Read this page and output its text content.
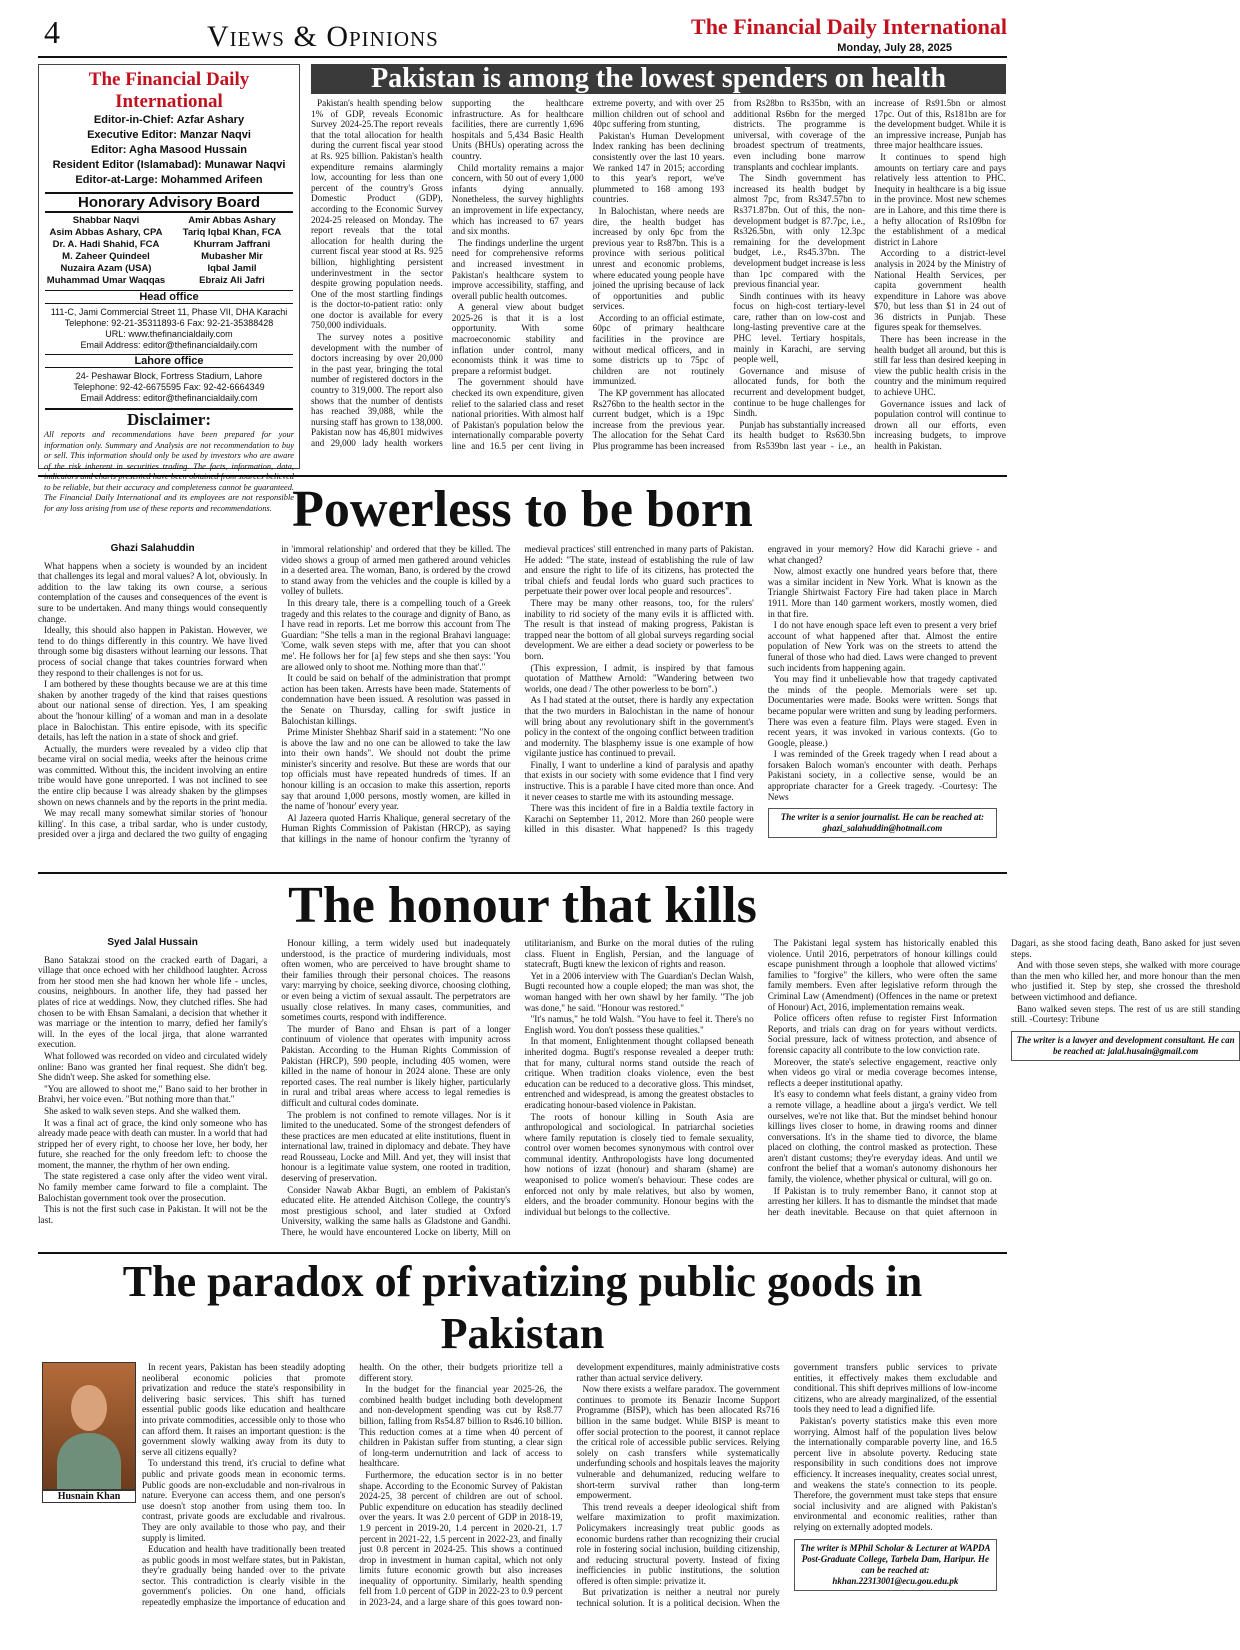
4	Views & Opinions	The Financial Daily International
Monday, July 28, 2025
The Financial Daily International
Editor-in-Chief: Azfar Ashary
Executive Editor: Manzar Naqvi
Editor: Agha Masood Hussain
Resident Editor (Islamabad): Munawar Naqvi
Editor-at-Large: Mohammed Arifeen
Honorary Advisory Board
Shabbar Naqvi
Asim Abbas Ashary, CPA
Dr. A. Hadi Shahid, FCA
M. Zaheer Quindeel
Nuzaira Azam (USA)
Muhammad Umar Waqqas
Amir Abbas Ashary
Tariq Iqbal Khan, FCA
Khurram Jaffrani
Mubasher Mir
Iqbal Jamil
Ebraiz Ali Jafri
Head office
111-C, Jami Commercial Street 11, Phase VII, DHA Karachi
Telephone: 92-21-35311893-6 Fax: 92-21-35388428
URL: www.thefinancialdaily.com
Email Address: editor@thefinancialdaily.com
Lahore office
24- Peshawar Block, Fortress Stadium, Lahore
Telephone: 92-42-6675595 Fax: 92-42-6664349
Email Address: editor@thefinancialdaily.com
Disclaimer:
All reports and recommendations have been prepared for your information only. Summary and Analysis are not recommendation to buy or sell. This information should only be used by investors who are aware of the risk inherent in securities trading. The facts, information, data, to be reliable, but their accuracy and completeness cannot be guaranteed. The Financial Daily International and its employees are not responsible for any loss arising from use of these reports and recommendations.
Pakistan is among the lowest spenders on health

Pakistan's health spending below 1% of GDP, reveals Economic Survey 2024-25.The report reveals that the total allocation for health during the current fiscal year stood at Rs. 925 billion. Pakistan's health expenditure remains alarmingly low, accounting for less than one percent of the country's Gross Domestic Product (GDP), according to the Economic Survey 2024-25 released on Monday. The report reveals that the total allocation for health during the current fiscal year stood at Rs. 925 billion, highlighting persistent underinvestment in the sector despite growing population needs. One of the most startling findings is the doctor-to-patient ratio: only one doctor is available for every 750,000 individuals.

The survey notes a positive development with the number of doctors increasing by over 20,000 in the past year, bringing the total number of registered doctors in the country to 319,000. The report also shows that the number of dentists has reached 39,088, while the nursing staff has grown to 138,000. Pakistan now has 46,801 midwives and 29,000 lady health workers supporting the healthcare infrastructure. As for healthcare facilities, there are currently 1,696 hospitals and 5,434 Basic Health Units (BHUs) operating across the country.

Child mortality remains a major concern, with 50 out of every 1,000 infants dying annually. Nonetheless, the survey highlights an improvement in life expectancy, which has increased to 67 years and six months.

The findings underline the urgent need for comprehensive reforms and increased investment in Pakistan's healthcare system to improve accessibility, staffing, and overall public health outcomes.

A general view about budget 2025-26 is that it is a lost opportunity. With some macroeconomic stability and inflation under control, many economists think it was time to prepare a reformist budget.

The government should have checked its own expenditure, given relief to the salaried class and reset national priorities. With almost half of Pakistan's population below the internationally comparable poverty line and 16.5 per cent living in extreme poverty, and with over 25 million children out of school and 40pc suffering from stunting,

Pakistan's Human Development Index ranking has been declining consistently over the last 10 years. We ranked 147 in 2015; according to this year's report, we've plummeted to 168 among 193 countries.

In Balochistan, where needs are dire, the health budget has increased by only 6pc from the previous year to Rs87bn. This is a province with serious political unrest and economic problems, where educated young people have joined the uprising because of lack of opportunities and public services.

According to an official estimate, 60pc of primary healthcare facilities in the province are without medical officers, and in some districts up to 75pc of children are not routinely immunized.

The KP government has allocated Rs276bn to the health sector in the current budget, which is a 19pc increase from the previous year. The allocation for the Sehat Card Plus programme has been increased from Rs28bn to Rs35bn, with an additional Rs6bn for the merged districts. The programme is universal, with coverage of the broadest spectrum of treatments, even including bone marrow transplants and cochlear implants.

The Sindh government has increased its health budget by almost 7pc, from Rs347.57bn to Rs371.87bn. Out of this, the non-development budget is 87.7pc, i.e., Rs326.5bn, with only 12.3pc remaining for the development budget, i.e., Rs45.37bn. The development budget increase is less than 1pc compared with the previous financial year.

Sindh continues with its heavy focus on high-cost tertiary-level care, rather than on low-cost and long-lasting preventive care at the PHC level. Tertiary hospitals, mainly in Karachi, are serving people well,

Governance and misuse of allocated funds, for both the recurrent and development budget, continue to be huge challenges for Sindh.

Punjab has substantially increased its health budget to Rs630.5bn from Rs539bn last year - i.e., an increase of Rs91.5bn or almost 17pc. Out of this, Rs181bn are for the development budget. While it is an impressive increase, Punjab has three major healthcare issues.

It continues to spend high amounts on tertiary care and pays relatively less attention to PHC. Inequity in healthcare is a big issue in the province. Most new schemes are in Lahore, and this time there is a hefty allocation of Rs109bn for the establishment of a medical district in Lahore

According to a district-level analysis in 2024 by the Ministry of National Health Services, per capita government health expenditure in Lahore was above $70, but less than $1 in 24 out of 36 districts in Punjab. These figures speak for themselves.

There has been increase in the health budget all around, but this is still far less than desired keeping in view the public health crisis in the country and the minimum required to achieve UHC.

Governance issues and lack of population control will continue to drown all our efforts, even increasing budgets, to improve health in Pakistan.

Powerless to be born
Ghazi Salahuddin

What happens when a society is wounded by an incident that challenges its legal and moral values? A lot, obviously. In addition to the law taking its own course, a serious contemplation of the causes and consequences of the event is sure to be undertaken. And many things would consequently change.

Ideally, this should also happen in Pakistan. However, we tend to do things differently in this country. We have lived through some big disasters without learning our lessons. That process of social change that takes countries forward when they respond to their challenges is not for us.

I am bothered by these thoughts because we are at this time shaken by another tragedy of the kind that raises questions about our national sense of direction. Yes, I am speaking about the 'honour killing' of a woman and man in a desolate place in Balochistan. This entire episode, with its specific details, has left the nation in a state of shock and grief.

Actually, the murders were revealed by a video clip that became viral on social media, weeks after the heinous crime was committed. Without this, the incident involving an entire tribe would have gone unreported. I was not inclined to see the entire clip because I was already shaken by the glimpses shown on news channels and by the reports in the print media.

We may recall many somewhat similar stories of 'honour killing'. In this case, a tribal sardar, who is under custody, presided over a jirga and declared the two guilty of engaging in 'immoral relationship' and ordered that they be killed. The video shows a group of armed men gathered around vehicles in a deserted area. The woman, Bano, is ordered by the crowd to stand away from the vehicles and the couple is killed by a volley of bullets.

In this dreary tale, there is a compelling touch of a Greek tragedy and this relates to the courage and dignity of Bano, as I have read in reports. Let me borrow this account from The Guardian: "She tells a man in the regional Brahavi language: 'Come, walk seven steps with me, after that you can shoot me'. He follows her for [a] few steps and she then says: 'You are allowed only to shoot me. Nothing more than that'."

It could be said on behalf of the administration that prompt action has been taken. Arrests have been made. Statements of condemnation have been issued. A resolution was passed in the Senate on Thursday, calling for swift justice in Balochistan killings.

Prime Minister Shehbaz Sharif said in a statement: "No one is above the law and no one can be allowed to take the law into their own hands". We should not doubt the prime minister's sincerity and resolve. But these are words that our top officials must have repeated hundreds of times. If an honour killing is an occasion to make this assertion, reports say that around 1,000 persons, mostly women, are killed in the name of 'honour' every year.

Al Jazeera quoted Harris Khalique, general secretary of the Human Rights Commission of Pakistan (HRCP), as saying that killings in the name of honour confirm the 'tyranny of medieval practices' still entrenched in many parts of Pakistan. He added: "The state, instead of establishing the rule of law and ensure the right to life of its citizens, has protected the tribal chiefs and feudal lords who guard such practices to perpetuate their power over local people and resources".

There may be many other reasons, too, for the rulers' inability to rid society of the many evils it is afflicted with. The result is that instead of making progress, Pakistan is trapped near the bottom of all global surveys regarding social development. We are either a dead society or powerless to be born.

(This expression, I admit, is inspired by that famous quotation of Matthew Arnold: "Wandering between two worlds, one dead / The other powerless to be born".)

As I had stated at the outset, there is hardly any expectation that the two murders in Balochistan in the name of honour will bring about any revolutionary shift in the government's policy in the context of the ongoing conflict between tradition and modernity. The blasphemy issue is one example of how vigilante justice has continued to prevail.

Finally, I want to underline a kind of paralysis and apathy that exists in our society with some evidence that I find very instructive. This is a parable I have cited more than once. And it never ceases to startle me with its astounding message.

There was this incident of fire in a Baldia textile factory in Karachi on September 11, 2012. More than 260 people were killed in this disaster. What happened? Is this tragedy engraved in your memory? How did Karachi grieve - and what changed?

Now, almost exactly one hundred years before that, there was a similar incident in New York. What is known as the Triangle Shirtwaist Factory Fire had taken place in March 1911. More than 140 garment workers, mostly women, died in that fire.

I do not have enough space left even to present a very brief account of what happened after that. Almost the entire population of New York was on the streets to attend the funeral of those who had died. Laws were changed to prevent such incidents from happening again.

You may find it unbelievable how that tragedy captivated the minds of the people. Memorials were set up. Documentaries were made. Books were written. Songs that became popular were written and sung by leading performers. There was even a feature film. Plays were staged. Even in recent years, it was invoked in various contexts. (Go to Google, please.)

I was reminded of the Greek tragedy when I read about a forsaken Baloch woman's encounter with death. Perhaps Pakistani society, in a collective sense, would be an appropriate character for a Greek tragedy. -Courtesy: The News

The writer is a senior journalist. He can be reached at: ghazi_salahuddin@hotmail.com
The honour that kills
Syed Jalal Hussain

Bano Satakzai stood on the cracked earth of Dagari, a village that once echoed with her childhood laughter. Across from her stood men she had known her whole life - uncles, cousins, neighbours. In another life, they had passed her plates of rice at weddings. Now, they clutched rifles. She had chosen to be with Ehsan Samalani, a decision that whether it was marriage or the intention to marry, defied her family's will. In the eyes of the local jirga, that alone warranted execution.

What followed was recorded on video and circulated widely online: Bano was granted her final request. She didn't beg. She didn't weep. She asked for something else.

"You are allowed to shoot me," Bano said to her brother in Brahvi, her voice even. "But nothing more than that."

She asked to walk seven steps. And she walked them.

It was a final act of grace, the kind only someone who has already made peace with death can muster. In a world that had stripped her of every right, to choose her love, her body, her future, she reached for the only freedom left: to choose the moment, the manner, the rhythm of her own ending.

The state registered a case only after the video went viral. No family member came forward to file a complaint. The Balochistan government took over the prosecution.

This is not the first such case in Pakistan. It will not be the last.

Honour killing, a term widely used but inadequately understood, is the practice of murdering individuals, most often women, who are perceived to have brought shame to their families through their personal choices. The reasons vary: marrying by choice, seeking divorce, choosing clothing, or even being a victim of sexual assault. The perpetrators are usually close relatives. In many cases, communities, and sometimes courts, respond with indifference.

The murder of Bano and Ehsan is part of a longer continuum of violence that operates with impunity across Pakistan. According to the Human Rights Commission of Pakistan (HRCP), 590 people, including 405 women, were killed in the name of honour in 2024 alone. These are only reported cases. The real number is likely higher, particularly in rural and tribal areas where access to legal remedies is difficult and cultural codes dominate.

The problem is not confined to remote villages. Nor is it limited to the uneducated. Some of the strongest defenders of these practices are men educated at elite institutions, fluent in international law, trained in diplomacy and debate. They have read Rousseau, Locke and Mill. And yet, they will insist that honour is a legitimate value system, one rooted in tradition, deserving of preservation.

Consider Nawab Akbar Bugti, an emblem of Pakistan's educated elite. He attended Aitchison College, the country's most prestigious school, and later studied at Oxford University, walking the same halls as Gladstone and Gandhi. There, he would have encountered Locke on liberty, Mill on utilitarianism, and Burke on the moral duties of the ruling class. Fluent in English, Persian, and the language of statecraft, Bugti knew the lexicon of rights and reason.

Yet in a 2006 interview with The Guardian's Declan Walsh, Bugti recounted how a couple eloped; the man was shot, the woman hanged with her own shawl by her family. "The job was done," he said. "Honour was restored."

"It's namus," he told Walsh. "You have to feel it. There's no English word. You don't possess these qualities."

In that moment, Enlightenment thought collapsed beneath inherited dogma. Bugti's response revealed a deeper truth: that for many, cultural norms stand outside the reach of critique. When tradition cloaks violence, even the best education can be reduced to a decorative gloss. This mindset, entrenched and widespread, is among the greatest obstacles to eradicating honour-based violence in Pakistan.

The roots of honour killing in South Asia are anthropological and sociological. In patriarchal societies where family reputation is closely tied to female sexuality, control over women becomes synonymous with control over communal identity. Anthropologists have long documented how notions of izzat (honour) and sharam (shame) are weaponised to police women's behaviour. These codes are enforced not only by male relatives, but also by women, elders, and the broader community. Honour begins with the individual but belongs to the collective.

The Pakistani legal system has historically enabled this violence. Until 2016, perpetrators of honour killings could escape punishment through a loophole that allowed victims' families to "forgive" the killers, who were often the same family members. Even after legislative reform through the Criminal Law (Amendment) (Offences in the name or pretext of Honour) Act, 2016, implementation remains weak.

Police officers often refuse to register First Information Reports, and trials can drag on for years without verdicts. Social pressure, lack of witness protection, and absence of forensic capacity all contribute to the low conviction rate.

Moreover, the state's selective engagement, reactive only when videos go viral or media coverage becomes intense, reflects a deeper institutional apathy.

It's easy to condemn what feels distant, a grainy video from a remote village, a headline about a jirga's verdict. We tell ourselves, we're not like that. But the mindset behind honour killings lives closer to home, in drawing rooms and dinner conversations. It's in the shame tied to divorce, the blame placed on clothing, the control masked as protection. These aren't distant customs; they're everyday ideas. And until we confront the belief that a woman's autonomy dishonours her family, the violence, whether physical or cultural, will go on.

If Pakistan is to truly remember Bano, it cannot stop at arresting her killers. It has to dismantle the mindset that made her death inevitable. Because on that quiet afternoon in Dagari, as she stood facing death, Bano asked for just seven steps.

And with those seven steps, she walked with more courage than the men who killed her, and more honour than the men who justified it. Step by step, she crossed the threshold between victimhood and defiance.

Bano walked seven steps. The rest of us are still standing still. -Courtesy: Tribune

The writer is a lawyer and development consultant. He can be reached at: jalal.husain@gmail.com
The paradox of privatizing public goods in Pakistan
Husnain Khan

In recent years, Pakistan has been steadily adopting neoliberal economic policies that promote privatization and reduce the state's responsibility in delivering basic services. This shift has turned essential public goods like education and healthcare into private commodities, accessible only to those who can afford them. It raises an important question: is the government slowly walking away from its duty to serve all citizens equally?

To understand this trend, it's crucial to define what public and private goods mean in economic terms. Public goods are non-excludable and non-rivalrous in nature. Everyone can access them, and one person's use doesn't stop another from using them too. In contrast, private goods are excludable and rivalrous. They are only available to those who pay, and their supply is limited.

Education and health have traditionally been treated as public goods in most welfare states, but in Pakistan, they're gradually being handed over to the private sector. This contradiction is clearly visible in the government's policies. On one hand, officials repeatedly emphasize the importance of education and health. On the other, their budgets prioritize tell a different story.

In the budget for the financial year 2025-26, the combined health budget including both development and non-development spending was cut by Rs8.77 billion, falling from Rs54.87 billion to Rs46.10 billion. This reduction comes at a time when 40 percent of children in Pakistan suffer from stunting, a clear sign of long-term undernutrition and lack of access to healthcare.

Furthermore, the education sector is in no better shape. According to the Economic Survey of Pakistan 2024-25, 38 percent of children are out of school. Public expenditure on education has steadily declined over the years. It was 2.0 percent of GDP in 2018-19, 1.9 percent in 2019-20, 1.4 percent in 2020-21, 1.7 percent in 2021-22, 1.5 percent in 2022-23, and finally just 0.8 percent in 2024-25. This shows a continued drop in investment in human capital, which not only limits future economic growth but also increases inequality of opportunity. Similarly, health spending fell from 1.0 percent of GDP in 2022-23 to 0.9 percent in 2023-24, and a large share of this goes toward non-development expenditures, mainly administrative costs rather than actual service delivery.

Now there exists a welfare paradox. The government continues to promote its Benazir Income Support Programme (BISP), which has been allocated Rs716 billion in the same budget. While BISP is meant to offer social protection to the poorest, it cannot replace the critical role of accessible public services. Relying solely on cash transfers while systematically underfunding schools and hospitals leaves the majority vulnerable and dehumanized, reducing welfare to short-term survival rather than long-term empowerment.

This trend reveals a deeper ideological shift from welfare maximization to profit maximization. Policymakers increasingly treat public goods as economic burdens rather than recognizing their crucial role in fostering social inclusion, building citizenship, and reducing structural poverty. Instead of fixing inefficiencies in public institutions, the solution offered is often simple: privatize it.

But privatization is neither a neutral nor purely technical solution. It is a political decision. When the government transfers public services to private entities, it effectively makes them excludable and conditional. This shift deprives millions of low-income citizens, who are already marginalized, of the essential tools they need to lead a dignified life.

Pakistan's poverty statistics make this even more worrying. Almost half of the population lives below the internationally comparable poverty line, and 16.5 percent live in absolute poverty. Reducing state responsibility in such conditions does not improve efficiency. It increases inequality, creates social unrest, and weakens the state's connection to its people. Therefore, the government must take steps that ensure social inclusivity and are aligned with Pakistan's environmental and economic realities, rather than relying on externally adopted models.

The writer is MPhil Scholar & Lecturer at WAPDA Post-Graduate College, Tarbela Dam, Haripur. He can be reached at: hkhan.22313001@ecu.gou.edu.pk
